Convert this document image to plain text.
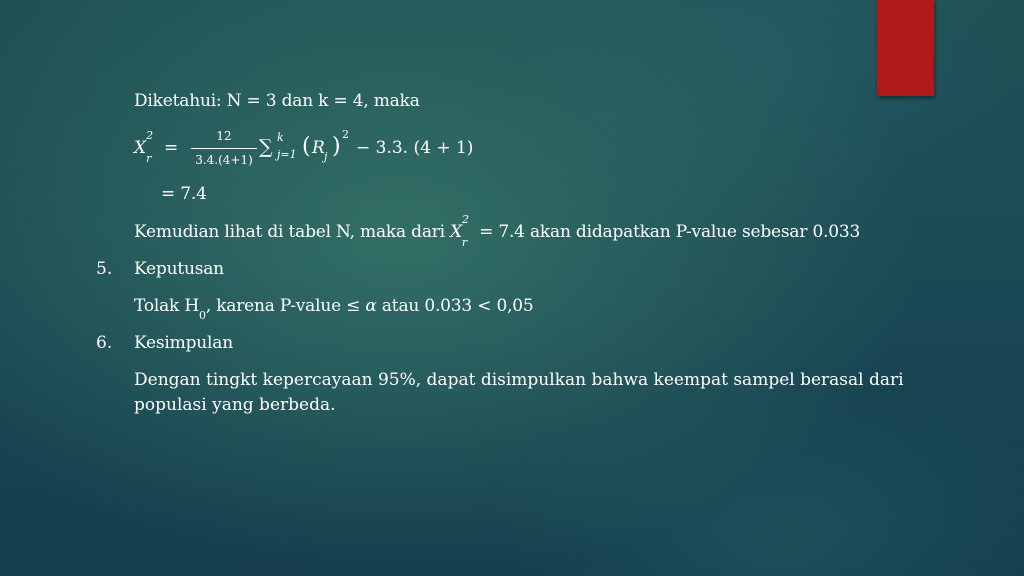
Diketahui: N = 3 dan k = 4, maka
$X^2_r$
=
12
3.4.(4+1)
∑ k
j=1 ( R j ) 2
− 3.3. (4 + 1)
= 7.4
Kemudian lihat di tabel N, maka dari $X^2_r = 7.4$ akan didapatkan P-value sebesar 0.033
5. Keputusan
Tolak $H_0$, karena P-value ≤ α atau 0.033 < 0,05
6. Kesimpulan
Dengan tingkt kepercayaan 95%, dapat disimpulkan bahwa keempat sampel berasal dari populasi yang berbeda.
